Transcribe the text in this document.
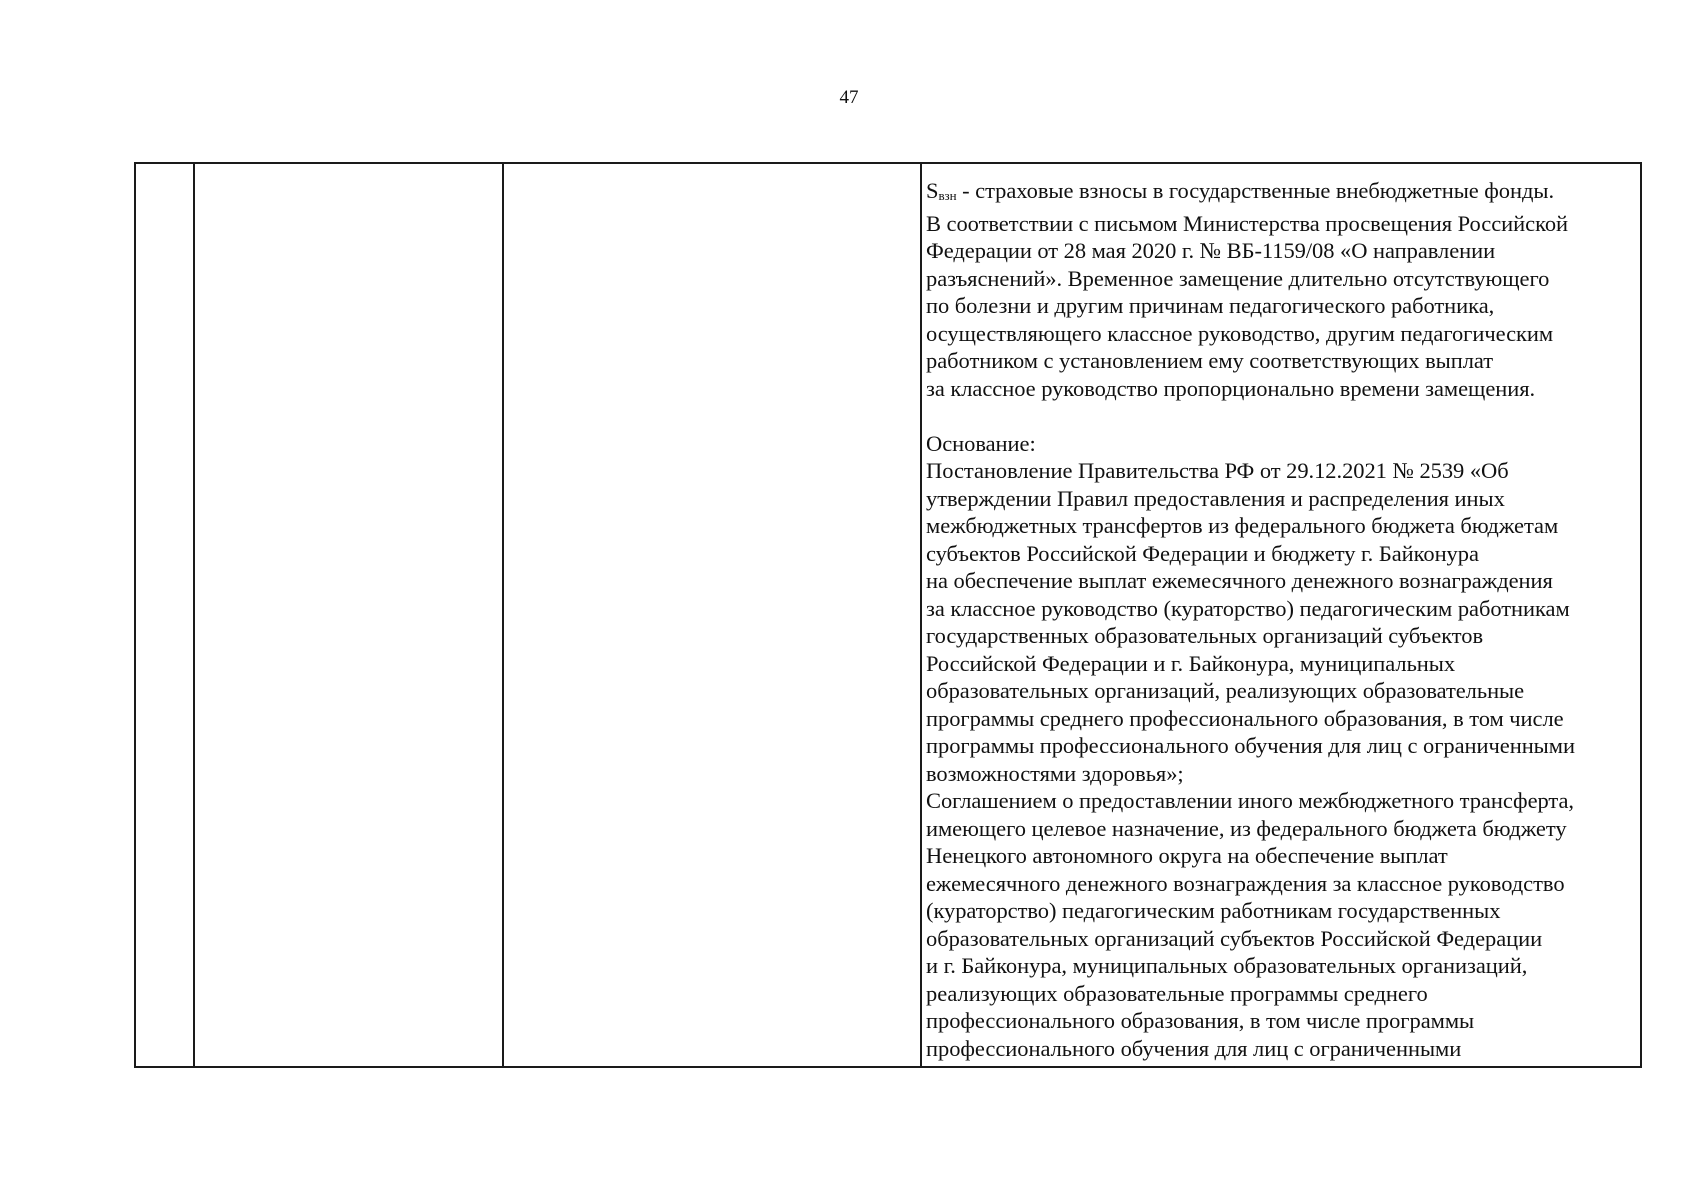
47
Sвзн - страховые взносы в государственные внебюджетные фонды.
В соответствии с письмом Министерства просвещения Российской
Федерации от 28 мая 2020 г. № ВБ-1159/08 «О направлении
разъяснений». Временное замещение длительно отсутствующего
по болезни и другим причинам педагогического работника,
осуществляющего классное руководство, другим педагогическим
работником с установлением ему соответствующих выплат
за классное руководство пропорционально времени замещения.
Основание:
Постановление Правительства РФ от 29.12.2021 № 2539 «Об
утверждении Правил предоставления и распределения иных
межбюджетных трансфертов из федерального бюджета бюджетам
субъектов Российской Федерации и бюджету г. Байконура
на обеспечение выплат ежемесячного денежного вознаграждения
за классное руководство (кураторство) педагогическим работникам
государственных образовательных организаций субъектов
Российской Федерации и г. Байконура, муниципальных
образовательных организаций, реализующих образовательные
программы среднего профессионального образования, в том числе
программы профессионального обучения для лиц с ограниченными
возможностями здоровья»;
Соглашением о предоставлении иного межбюджетного трансферта,
имеющего целевое назначение, из федерального бюджета бюджету
Ненецкого автономного округа на обеспечение выплат
ежемесячного денежного вознаграждения за классное руководство
(кураторство) педагогическим работникам государственных
образовательных организаций субъектов Российской Федерации
и г. Байконура, муниципальных образовательных организаций,
реализующих образовательные программы среднего
профессионального образования, в том числе программы
профессионального обучения для лиц с ограниченными
